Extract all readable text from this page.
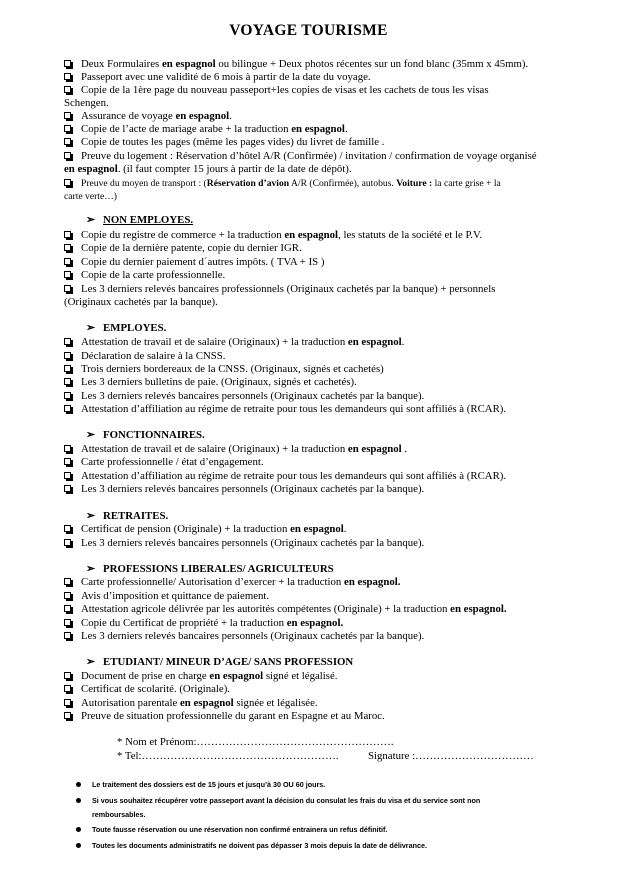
VOYAGE TOURISME
Deux Formulaires en espagnol ou bilingue + Deux photos récentes sur un fond blanc (35mm x 45mm).
Passeport avec une validité de 6 mois à partir de la date du voyage.
Copie de la 1ère page du nouveau passeport+les copies de visas et les cachets de tous les visas
Schengen.
Assurance de voyage en espagnol.
Copie de l’acte de mariage arabe + la traduction en espagnol.
Copie de toutes les pages (même les pages vides) du livret de famille .
Preuve du logement : Réservation d’hôtel A/R (Confirmée) / invitation / confirmation de voyage organisé
en espagnol. (il faut compter 15 jours à partir de la date de dépôt).
Preuve du moyen de transport : (Réservation d’avion A/R (Confirmée), autobus. Voiture : la carte grise + la
carte verte…)
➢ NON EMPLOYES.
Copie du registre de commerce + la traduction en espagnol, les statuts de la société et le P.V.
Copie de la dernière patente, copie du dernier IGR.
Copie du dernier paiement d´autres impôts. ( TVA + IS )
Copie de la carte professionnelle.
Les 3 derniers relevés bancaires professionnels (Originaux cachetés par la banque) + personnels
(Originaux cachetés par la banque).
➢ EMPLOYES.
Attestation de travail et de salaire (Originaux) + la traduction en espagnol.
Déclaration de salaire à la CNSS.
Trois derniers bordereaux de la CNSS. (Originaux, signés et cachetés)
Les 3 derniers bulletins de paie. (Originaux, signés et cachetés).
Les 3 derniers relevés bancaires personnels (Originaux cachetés par la banque).
Attestation d’affiliation au régime de retraite pour tous les demandeurs qui sont affiliés à (RCAR).
➢ FONCTIONNAIRES.
Attestation de travail et de salaire (Originaux) + la traduction en espagnol .
Carte professionnelle / état d’engagement.
Attestation d’affiliation au régime de retraite pour tous les demandeurs qui sont affiliés à (RCAR).
Les 3 derniers relevés bancaires personnels (Originaux cachetés par la banque).
➢ RETRAITES.
Certificat de pension (Originale) + la traduction en espagnol.
Les 3 derniers relevés bancaires personnels (Originaux cachetés par la banque).
➢ PROFESSIONS LIBERALES/ AGRICULTEURS
Carte professionnelle/ Autorisation d’exercer + la traduction en espagnol.
Avis d’imposition et quittance de paiement.
Attestation agricole délivrée par les autorités compétentes (Originale) + la traduction en espagnol.
Copie du Certificat de propriété + la traduction en espagnol.
Les 3 derniers relevés bancaires personnels (Originaux cachetés par la banque).
➢ ETUDIANT/ MINEUR D’AGE/ SANS PROFESSION
Document de prise en charge en espagnol signé et légalisé.
Certificat de scolarité. (Originale).
Autorisation parentale en espagnol signée et légalisée.
Preuve de situation professionnelle du garant en Espagne et au Maroc.
* Nom et Prénom:……………………………………………….
* Tel:……………………………………………….	Signature :……………………………
Le traitement des dossiers est de 15 jours et jusqu’à 30 OU 60 jours.
Si vous souhaitez récupérer votre passeport avant la décision du consulat les frais du visa et du service sont non
remboursables.
Toute fausse réservation ou une réservation non confirmé entrainera un refus définitif.
Toutes les documents administratifs ne doivent pas dépasser 3 mois depuis la date de délivrance.
